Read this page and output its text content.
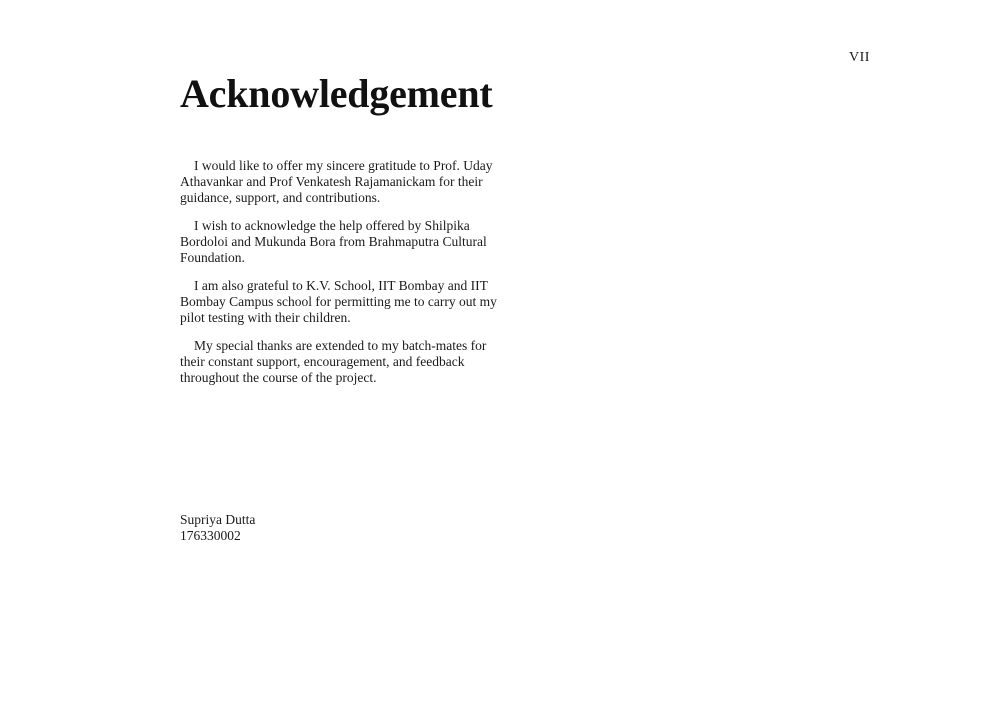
VII
Acknowledgement

I would like to offer my sincere gratitude to Prof. Uday Athavankar and Prof Venkatesh Rajamanickam for their guidance, support, and contributions.

I wish to acknowledge the help offered by Shilpika Bordoloi and Mukunda Bora from Brahmaputra Cultural Foundation.

I am also grateful to K.V. School, IIT Bombay and IIT Bombay Campus school for permitting me to carry out my pilot testing with their children.

My special thanks are extended to my batch-mates for their constant support, encouragement, and feedback throughout the course of the project.

Supriya Dutta
176330002
